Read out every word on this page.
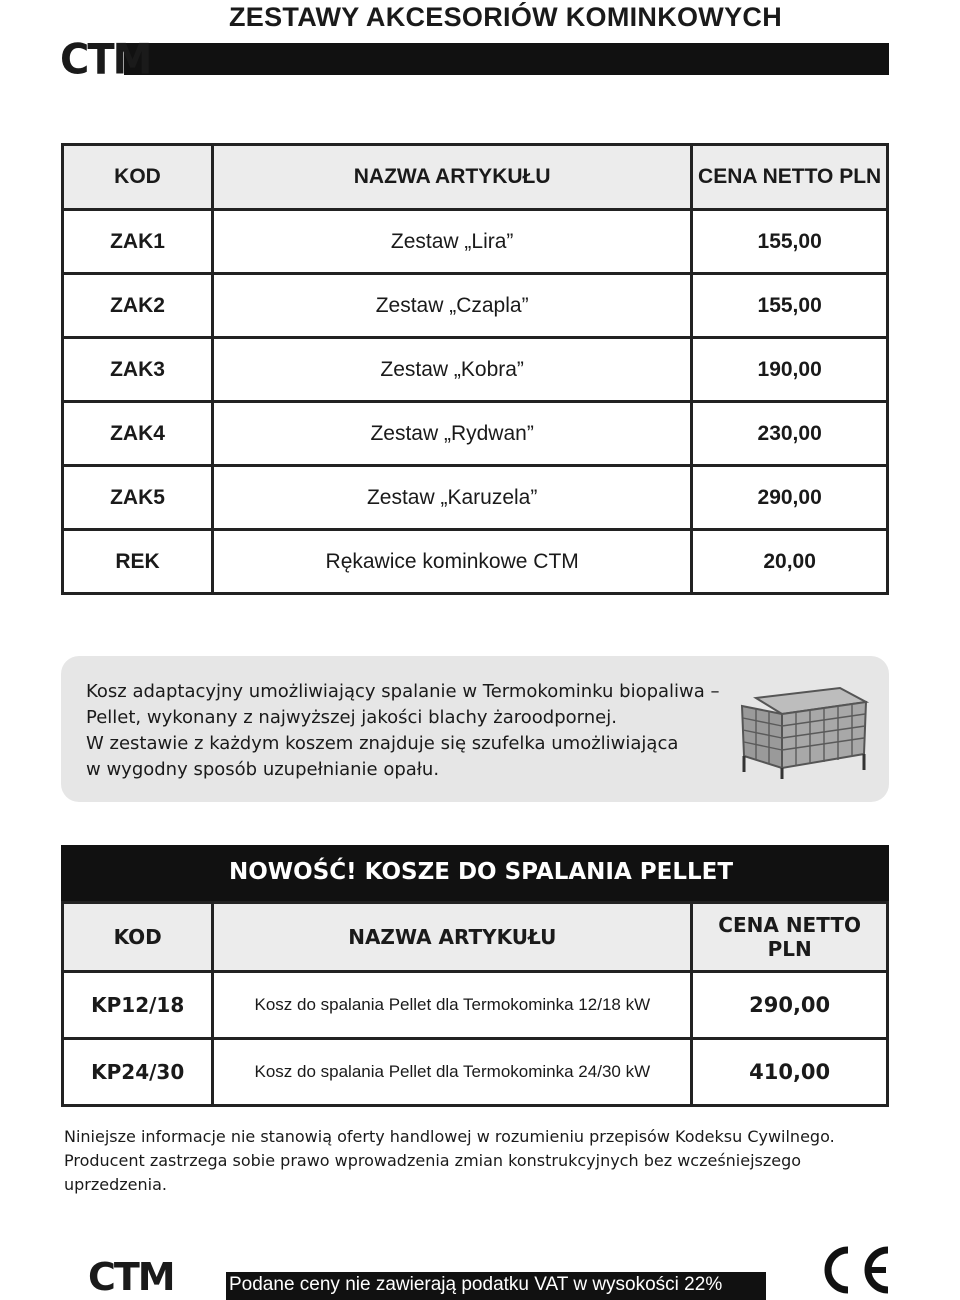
ZESTAWY AKCESORIÓW KOMINKOWYCH
CTM
KOD	NAZWA ARTYKUŁU	CENA NETTO PLN
ZAK1	Zestaw „Lira”	155,00
ZAK2	Zestaw „Czapla”	155,00
ZAK3	Zestaw „Kobra”	190,00
ZAK4	Zestaw „Rydwan”	230,00
ZAK5	Zestaw „Karuzela”	290,00
REK	Rękawice kominkowe CTM	20,00
Kosz adaptacyjny umożliwiający spalanie w Termokominku biopaliwa –
Pellet, wykonany z najwyższej jakości blachy żaroodpornej.
W zestawie z każdym koszem znajduje się szufelka umożliwiająca
w wygodny sposób uzupełnianie opału.
NOWOŚĆ! KOSZE DO SPALANIA PELLET
KOD	NAZWA ARTYKUŁU	CENA NETTO PLN
KP12/18	Kosz do spalania Pellet dla Termokominka 12/18 kW	290,00
KP24/30	Kosz do spalania Pellet dla Termokominka 24/30 kW	410,00
Niniejsze informacje nie stanowią oferty handlowej w rozumieniu przepisów Kodeksu Cywilnego.
Producent zastrzega sobie prawo wprowadzenia zmian konstrukcyjnych bez wcześniejszego uprzedzenia.
CTM	Podane ceny nie zawierają podatku VAT w wysokości 22%
